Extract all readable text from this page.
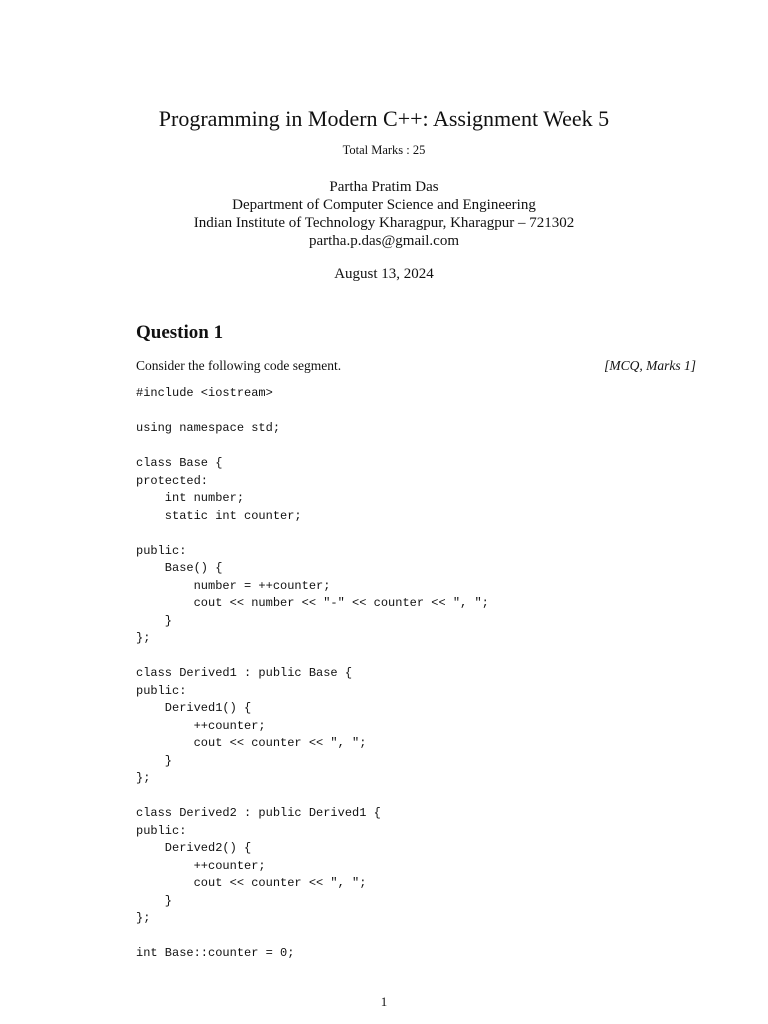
Programming in Modern C++: Assignment Week 5
Total Marks : 25
Partha Pratim Das
Department of Computer Science and Engineering
Indian Institute of Technology Kharagpur, Kharagpur – 721302
partha.p.das@gmail.com
August 13, 2024
Question 1
Consider the following code segment.	[MCQ, Marks 1]
#include <iostream>
using namespace std;
class Base {
protected:
int number;
static int counter;
public:
Base() {
number = ++counter;
cout << number << "-" << counter << ", ";
}
};
class Derived1 : public Base {
public:
Derived1() {
++counter;
cout << counter << ", ";
}
};
class Derived2 : public Derived1 {
public:
Derived2() {
++counter;
cout << counter << ", ";
}
};
int Base::counter = 0;
1
